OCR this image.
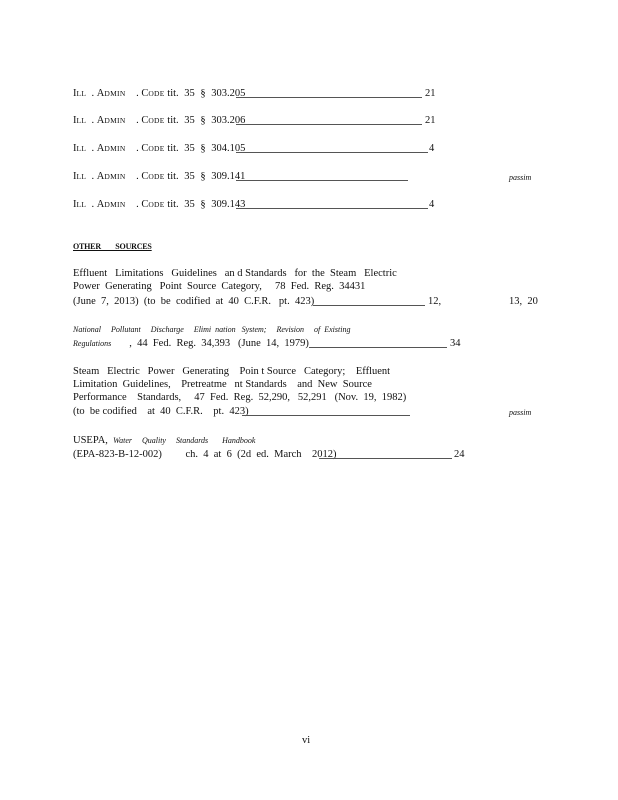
ILL  . ADMIN    . CODE tit. 35 § 303.205	21
ILL  . ADMIN    . CODE tit. 35 § 303.206	21
ILL  . ADMIN    . CODE tit. 35 § 304.105	4
ILL  . ADMIN    . CODE tit. 35 § 309.141	passim
ILL  . ADMIN    . CODE tit. 35 § 309.143	4
OTHER        SOURCES
Effluent   Limitations   Guidelines   an d Standards   for  the  Steam   Electric
Power  Generating   Point  Source  Category,     78  Fed.  Reg.  34431
(June  7,  2013)  (to  be  codified  at  40  C.F.R.   pt.  423)	12,	13,  20
National     Pollutant     Discharge     Elimi  nation   System;     Revision     of  Existing
Regulations ,  44  Fed.  Reg.  34,393   (June  14,  1979)	34
Steam   Electric   Power   Generating    Poin t Source   Category;    Effluent
Limitation  Guidelines,    Pretreatme   nt Standards    and  New  Source
Performance    Standards,     47  Fed.  Reg.  52,290,   52,291   (Nov.  19,  1982)
(to  be codified    at  40  C.F.R.    pt.  423)	passim
USEPA, Water     Quality     Standards       Handbook
(EPA-823-B-12-002)         ch.  4  at  6  (2d  ed.  March    2012)	24
vi
